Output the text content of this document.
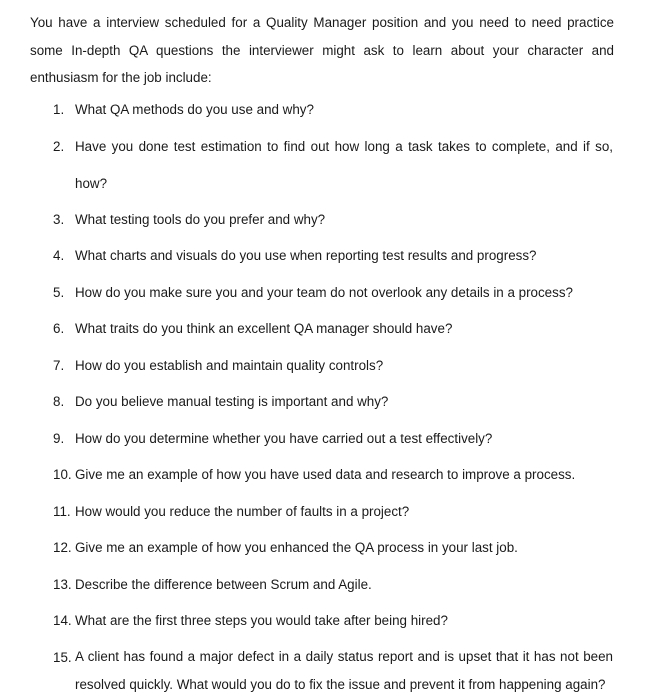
You have a interview scheduled for a Quality Manager position and you need to need practice some In-depth QA questions the interviewer might ask to learn about your character and enthusiasm for the job include:

1. What QA methods do you use and why?
2. Have you done test estimation to find out how long a task takes to complete, and if so, how?
3. What testing tools do you prefer and why?
4. What charts and visuals do you use when reporting test results and progress?
5. How do you make sure you and your team do not overlook any details in a process?
6. What traits do you think an excellent QA manager should have?
7. How do you establish and maintain quality controls?
8. Do you believe manual testing is important and why?
9. How do you determine whether you have carried out a test effectively?
10. Give me an example of how you have used data and research to improve a process.
11. How would you reduce the number of faults in a project?
12. Give me an example of how you enhanced the QA process in your last job.
13. Describe the difference between Scrum and Agile.
14. What are the first three steps you would take after being hired?
15. A client has found a major defect in a daily status report and is upset that it has not been resolved quickly. What would you do to fix the issue and prevent it from happening again?
